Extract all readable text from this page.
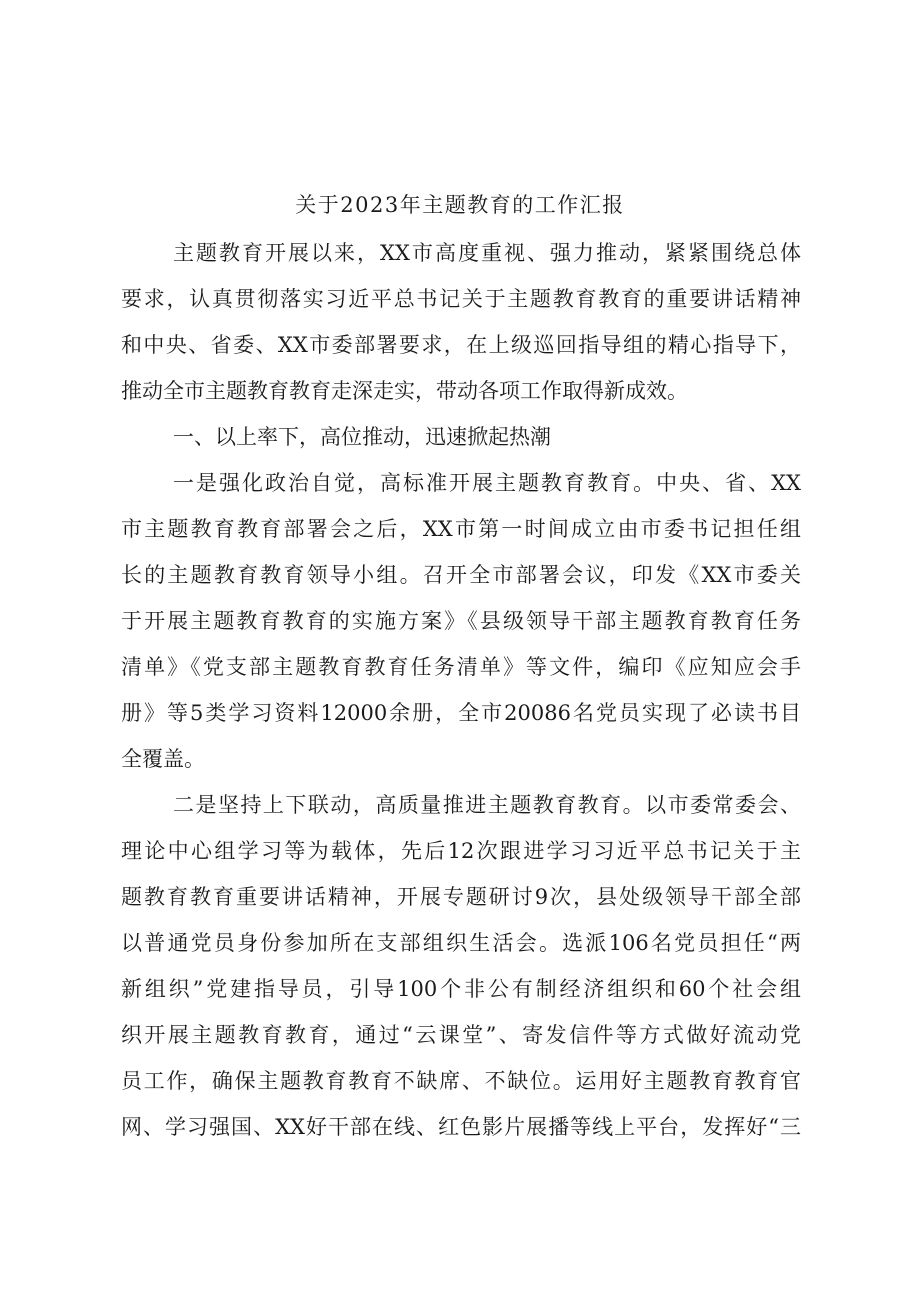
关于2023年主题教育的工作汇报
主题教育开展以来，XX市高度重视、强力推动，紧紧围绕总体
要求，认真贯彻落实习近平总书记关于主题教育教育的重要讲话精神
和中央、省委、XX市委部署要求，在上级巡回指导组的精心指导下，
推动全市主题教育教育走深走实，带动各项工作取得新成效。
一、以上率下，高位推动，迅速掀起热潮
一是强化政治自觉，高标准开展主题教育教育。中央、省、XX
市主题教育教育部署会之后，XX市第一时间成立由市委书记担任组
长的主题教育教育领导小组。召开全市部署会议，印发《XX市委关
于开展主题教育教育的实施方案》《县级领导干部主题教育教育任务
清单》《党支部主题教育教育任务清单》等文件，编印《应知应会手
册》等5类学习资料12000余册，全市20086名党员实现了必读书目
全覆盖。
二是坚持上下联动，高质量推进主题教育教育。以市委常委会、
理论中心组学习等为载体，先后12次跟进学习习近平总书记关于主
题教育教育重要讲话精神，开展专题研讨9次，县处级领导干部全部
以普通党员身份参加所在支部组织生活会。选派106名党员担任“两
新组织”党建指导员，引导100个非公有制经济组织和60个社会组
织开展主题教育教育，通过“云课堂”、寄发信件等方式做好流动党
员工作，确保主题教育教育不缺席、不缺位。运用好主题教育教育官
网、学习强国、XX好干部在线、红色影片展播等线上平台，发挥好“三
